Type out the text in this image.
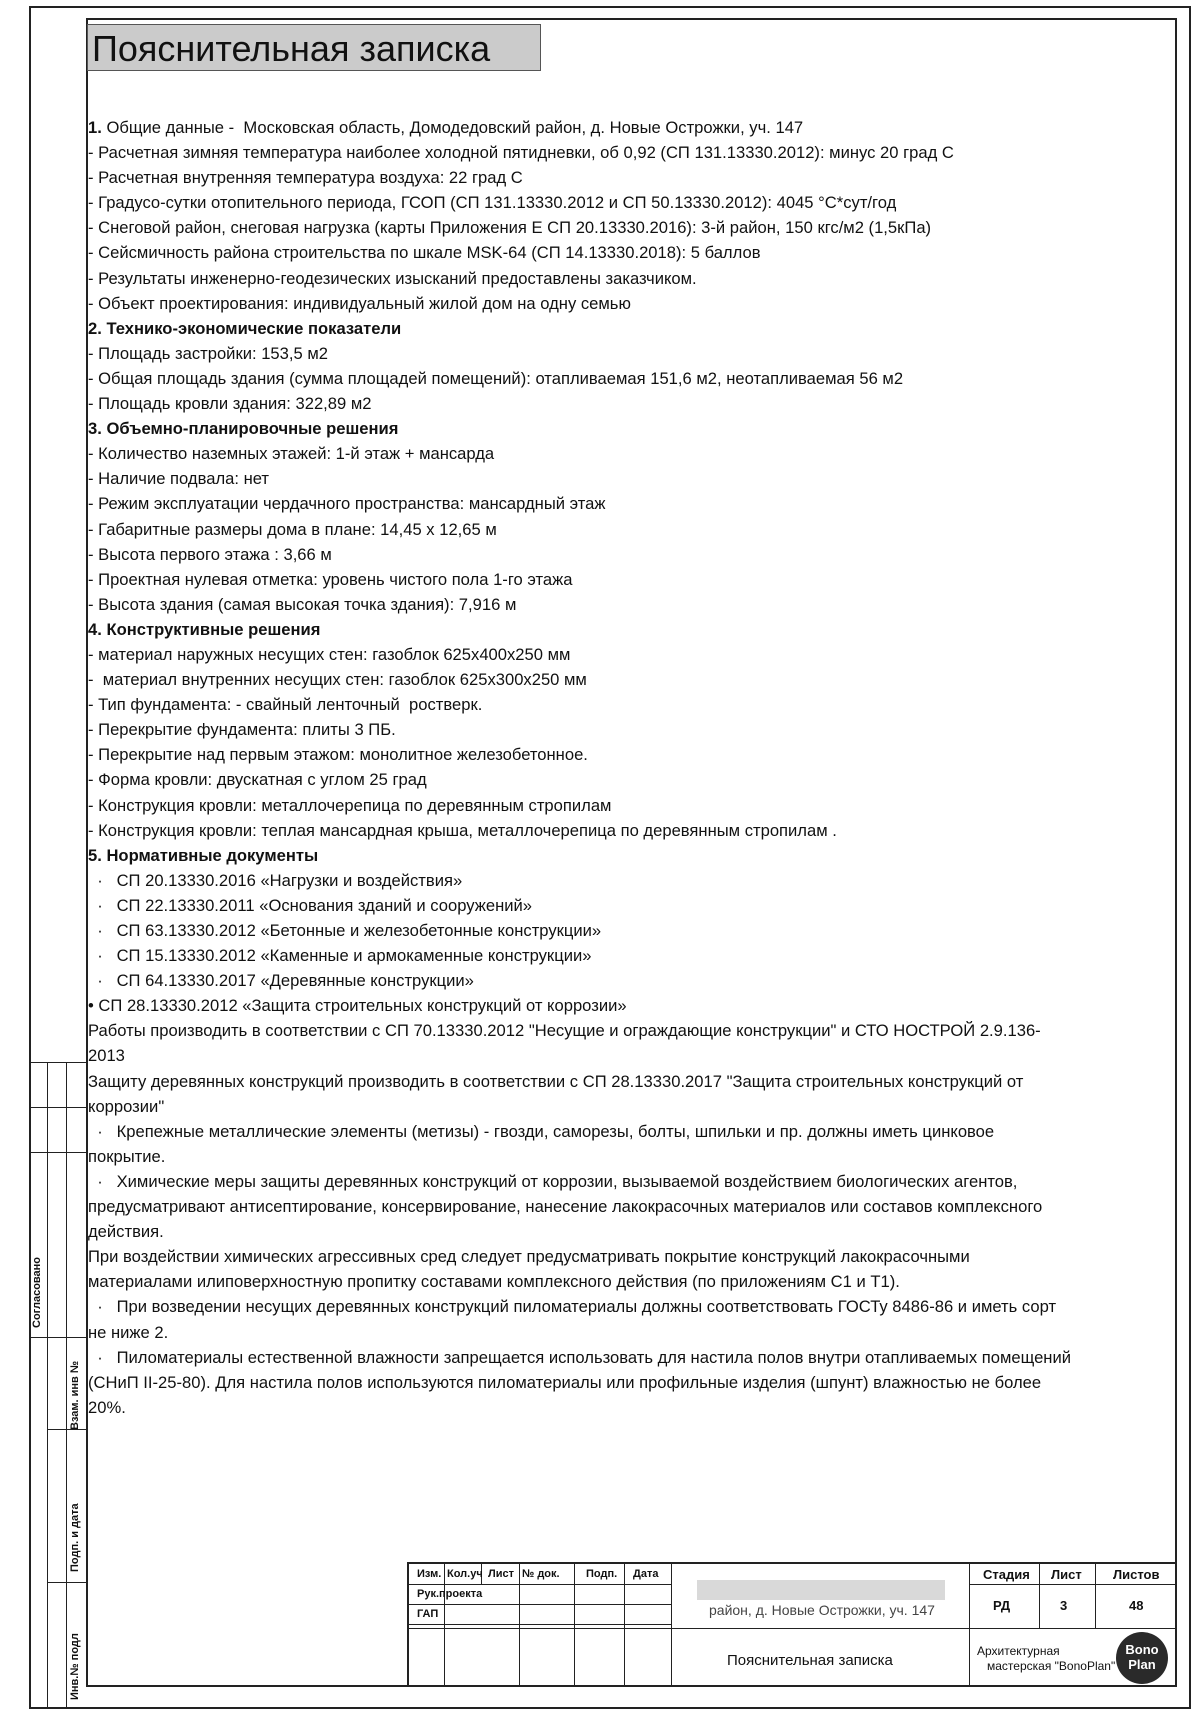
Пояснительная записка
1. Общие данные -  Московская область, Домодедовский район, д. Новые Острожки, уч. 147
- Расчетная зимняя температура наиболее холодной пятидневки, об 0,92 (СП 131.13330.2012): минус 20 град С
- Расчетная внутренняя температура воздуха: 22 град С
- Градусо-сутки отопительного периода, ГСОП (СП 131.13330.2012 и СП 50.13330.2012): 4045 °C*сут/год
- Снеговой район, снеговая нагрузка (карты Приложения Е СП 20.13330.2016): 3-й район, 150 кгс/м2 (1,5кПа)
- Сейсмичность района строительства по шкале MSK-64 (СП 14.13330.2018): 5 баллов
- Результаты инженерно-геодезических изысканий предоставлены заказчиком.
- Объект проектирования: индивидуальный жилой дом на одну семью
2. Технико-экономические показатели
- Площадь застройки: 153,5 м2
- Общая площадь здания (сумма площадей помещений): отапливаемая 151,6 м2, неотапливаемая 56 м2
- Площадь кровли здания: 322,89 м2
3. Объемно-планировочные решения
- Количество наземных этажей: 1-й этаж + мансарда
- Наличие подвала: нет
- Режим эксплуатации чердачного пространства: мансардный этаж
- Габаритные размеры дома в плане: 14,45 х 12,65 м
- Высота первого этажа : 3,66 м
- Проектная нулевая отметка: уровень чистого пола 1-го этажа
- Высота здания (самая высокая точка здания): 7,916 м
4. Конструктивные решения
- материал наружных несущих стен: газоблок 625х400х250 мм
-  материал внутренних несущих стен: газоблок 625х300х250 мм
- Тип фундамента: - свайный ленточный  ростверк.
- Перекрытие фундамента: плиты 3 ПБ.
- Перекрытие над первым этажом: монолитное железобетонное.
- Форма кровли: двускатная с углом 25 град
- Конструкция кровли: металлочерепица по деревянным стропилам
- Конструкция кровли: теплая мансардная крыша, металлочерепица по деревянным стропилам .
5. Нормативные документы
·   СП 20.13330.2016 «Нагрузки и воздействия»
·   СП 22.13330.2011 «Основания зданий и сооружений»
·   СП 63.13330.2012 «Бетонные и железобетонные конструкции»
·   СП 15.13330.2012 «Каменные и армокаменные конструкции»
·   СП 64.13330.2017 «Деревянные конструкции»
• СП 28.13330.2012 «Защита строительных конструкций от коррозии»
Работы производить в соответствии с СП 70.13330.2012 "Несущие и ограждающие конструкции" и СТО НОСТРОЙ 2.9.136-
2013
Защиту деревянных конструкций производить в соответствии с СП 28.13330.2017 "Защита строительных конструкций от
коррозии"
·   Крепежные металлические элементы (метизы) - гвозди, саморезы, болты, шпильки и пр. должны иметь цинковое
покрытие.
·   Химические меры защиты деревянных конструкций от коррозии, вызываемой воздействием биологических агентов,
предусматривают антисептирование, консервирование, нанесение лакокрасочных материалов или составов комплексного
действия.
При воздействии химических агрессивных сред следует предусматривать покрытие конструкций лакокрасочными
материалами илиповерхностную пропитку составами комплексного действия (по приложениям С1 и Т1).
·   При возведении несущих деревянных конструкций пиломатериалы должны соответствовать ГОСТу 8486-86 и иметь сорт
не ниже 2.
·   Пиломатериалы естественной влажности запрещается использовать для настила полов внутри отапливаемых помещений
(СНиП II-25-80). Для настила полов используются пиломатериалы или профильные изделия (шпунт) влажностью не более
20%.
Согласовано
Взам. инв №
Подп. и дата
Инв.№ подл
Изм. Кол.уч Лист № док. Подп. Дата
Рук.проекта
ГАП	район, д. Новые Острожки, уч. 147
Пояснительная записка
Стадия Лист Листов
РД	3	48
Архитектурная
мастерская "BonoPlan"
Bono
Plan
